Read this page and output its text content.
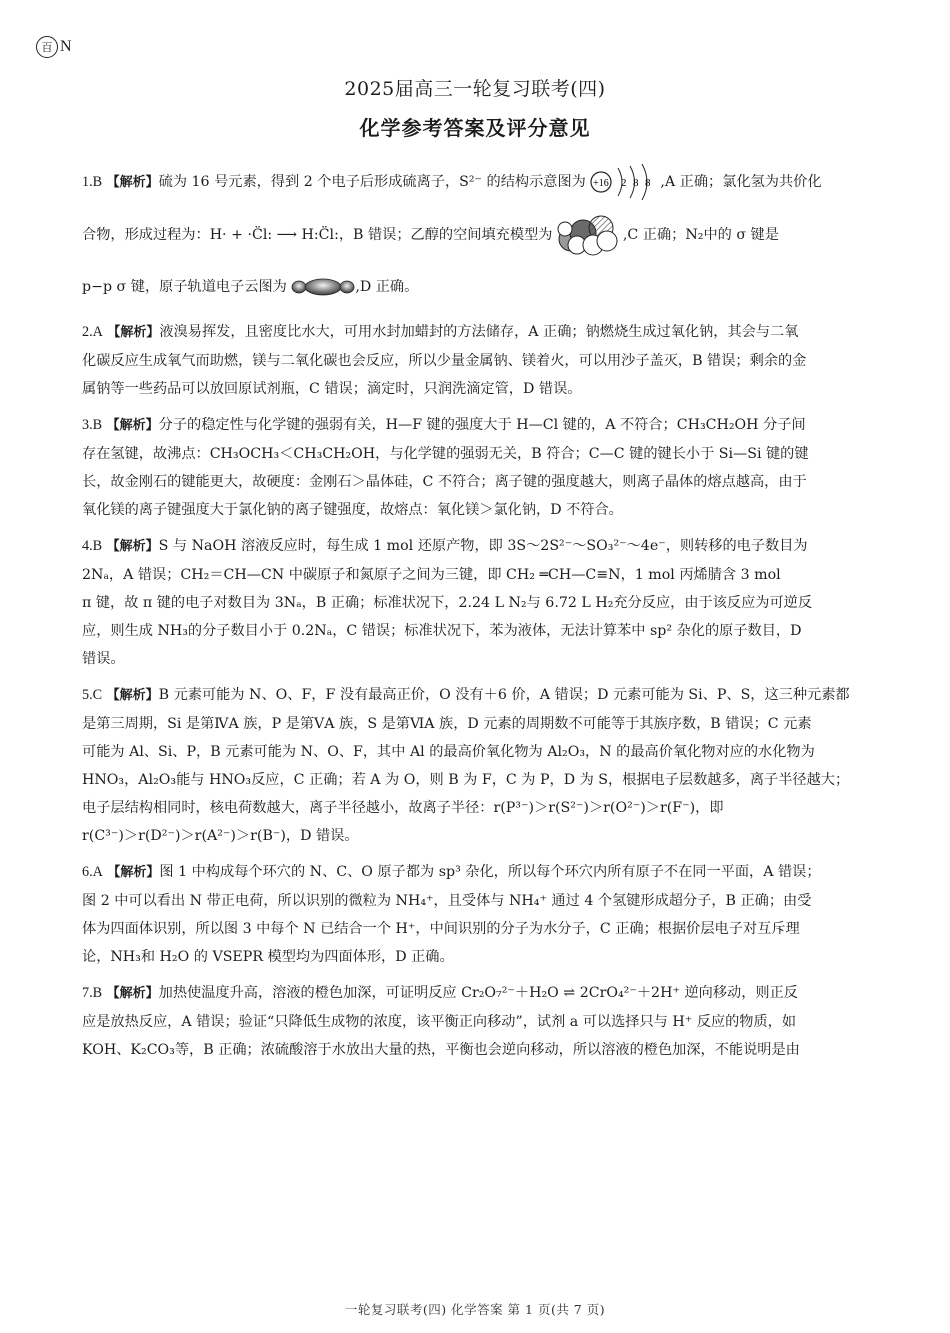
百 N
2025届高三一轮复习联考(四)
化学参考答案及评分意见

1.B 【解析】硫为 16 号元素，得到 2 个电子后形成硫离子，S²⁻ 的结构示意图为 +16 2 8 8 ,A 正确；氯化氢为共价化

合物，形成过程为：H· + ·C̈l: ⟶ H:C̈l:，B 错误；乙醇的空间填充模型为	,C 正确；N₂中的 σ 键是

p−p σ 键，原子轨道电子云图为	,D 正确。

2.A 【解析】液溴易挥发，且密度比水大，可用水封加蜡封的方法储存，A 正确；钠燃烧生成过氧化钠，其会与二氧
化碳反应生成氧气而助燃，镁与二氧化碳也会反应，所以少量金属钠、镁着火，可以用沙子盖灭，B 错误；剩余的金
属钠等一些药品可以放回原试剂瓶，C 错误；滴定时，只润洗滴定管，D 错误。
3.B 【解析】分子的稳定性与化学键的强弱有关，H—F 键的强度大于 H—Cl 键的，A 不符合；CH₃CH₂OH 分子间
存在氢键，故沸点：CH₃OCH₃＜CH₃CH₂OH，与化学键的强弱无关，B 符合；C—C 键的键长小于 Si—Si 键的键
长，故金刚石的键能更大，故硬度：金刚石＞晶体硅，C 不符合；离子键的强度越大，则离子晶体的熔点越高，由于
氧化镁的离子键强度大于氯化钠的离子键强度，故熔点：氧化镁＞氯化钠，D 不符合。
4.B 【解析】S 与 NaOH 溶液反应时，每生成 1 mol 还原产物，即 3S～2S²⁻～SO₃²⁻～4e⁻，则转移的电子数目为
2Nₐ，A 错误；CH₂＝CH—CN 中碳原子和氮原子之间为三键，即 CH₂ ═CH—C≡N，1 mol 丙烯腈含 3 mol
π 键，故 π 键的电子对数目为 3Nₐ，B 正确；标准状况下，2.24 L N₂与 6.72 L H₂充分反应，由于该反应为可逆反
应，则生成 NH₃的分子数目小于 0.2Nₐ，C 错误；标准状况下，苯为液体，无法计算苯中 sp² 杂化的原子数目，D
错误。
5.C 【解析】B 元素可能为 N、O、F，F 没有最高正价，O 没有＋6 价，A 错误；D 元素可能为 Si、P、S，这三种元素都
是第三周期，Si 是第ⅣA 族，P 是第ⅤA 族，S 是第ⅥA 族，D 元素的周期数不可能等于其族序数，B 错误；C 元素
可能为 Al、Si、P，B 元素可能为 N、O、F，其中 Al 的最高价氧化物为 Al₂O₃，N 的最高价氧化物对应的水化物为
HNO₃，Al₂O₃能与 HNO₃反应，C 正确；若 A 为 O，则 B 为 F，C 为 P，D 为 S，根据电子层数越多，离子半径越大；
电子层结构相同时，核电荷数越大，离子半径越小，故离子半径：r(P³⁻)＞r(S²⁻)＞r(O²⁻)＞r(F⁻)，即
r(C³⁻)＞r(D²⁻)＞r(A²⁻)＞r(B⁻)，D 错误。
6.A 【解析】图 1 中构成每个环穴的 N、C、O 原子都为 sp³ 杂化，所以每个环穴内所有原子不在同一平面，A 错误；
图 2 中可以看出 N 带正电荷，所以识别的微粒为 NH₄⁺，且受体与 NH₄⁺ 通过 4 个氢键形成超分子，B 正确；由受
体为四面体识别，所以图 3 中每个 N 已结合一个 H⁺，中间识别的分子为水分子，C 正确；根据价层电子对互斥理
论，NH₃和 H₂O 的 VSEPR 模型均为四面体形，D 正确。
7.B 【解析】加热使温度升高，溶液的橙色加深，可证明反应 Cr₂O₇²⁻＋H₂O ⇌ 2CrO₄²⁻＋2H⁺ 逆向移动，则正反
应是放热反应，A 错误；验证“只降低生成物的浓度，该平衡正向移动”，试剂 a 可以选择只与 H⁺ 反应的物质，如
KOH、K₂CO₃等，B 正确；浓硫酸溶于水放出大量的热，平衡也会逆向移动，所以溶液的橙色加深，不能说明是由
一轮复习联考(四) 化学答案 第 1 页(共 7 页)
